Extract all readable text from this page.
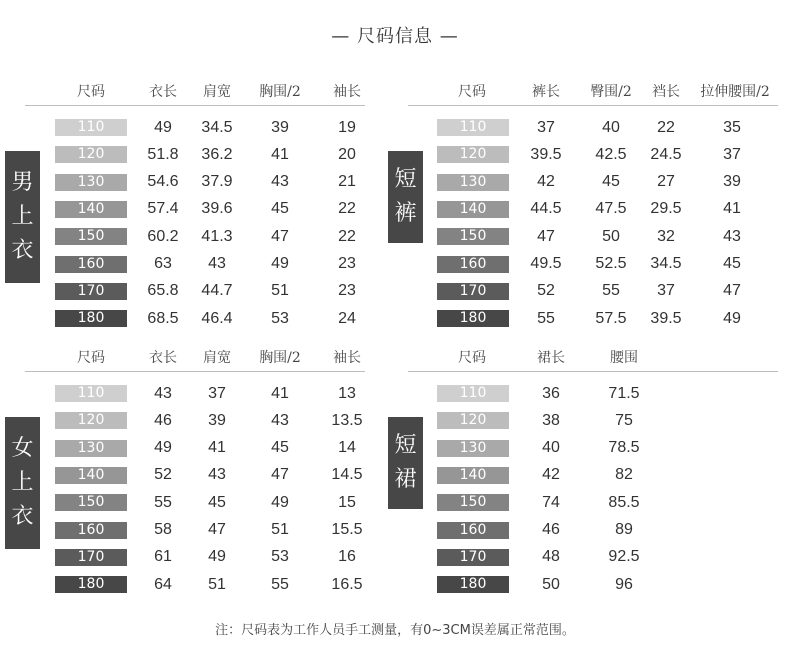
— 尺码信息 —
尺码	衣长	肩宽	胸围/2	袖长
男
上
衣
110	49	34.5	39	19
120	51.8	36.2	41	20
130	54.6	37.9	43	21
140	57.4	39.6	45	22
150	60.2	41.3	47	22
160	63	43	49	23
170	65.8	44.7	51	23
180	68.5	46.4	53	24
尺码	裤长	臀围/2	裆长	拉伸腰围/2
短
裤
110	37	40	22	35
120	39.5	42.5	24.5	37
130	42	45	27	39
140	44.5	47.5	29.5	41
150	47	50	32	43
160	49.5	52.5	34.5	45
170	52	55	37	47
180	55	57.5	39.5	49
尺码	衣长	肩宽	胸围/2	袖长
女
上
衣
110	43	37	41	13
120	46	39	43	13.5
130	49	41	45	14
140	52	43	47	14.5
150	55	45	49	15
160	58	47	51	15.5
170	61	49	53	16
180	64	51	55	16.5
尺码	裙长	腰围
短
裙
110	36	71.5
120	38	75
130	40	78.5
140	42	82
150	74	85.5
160	46	89
170	48	92.5
180	50	96
注：尺码表为工作人员手工测量，有0~3CM误差属正常范围。
